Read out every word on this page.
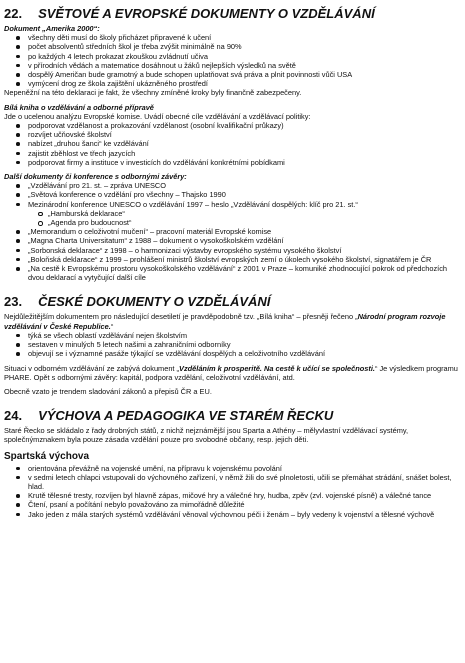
22. SVĚTOVÉ A EVROPSKÉ DOKUMENTY O VZDĚLÁVÁNÍ
Dokument „Amerika 2000“:
všechny děti musí do školy přicházet připravené k učení
počet absolventů středních škol je třeba zvýšit minimálně na 90%
po každých 4 letech prokazat zkouškou zvládnutí učiva
v přírodních vědách a matematice dosáhnout u žáků nejlepších výsledků na světě
dospělý Američan bude gramotný a bude schopen uplatňovat svá práva a plnit povinnosti vůči USA
vymýcení drog ze škola zajištění ukázněného prostředí

Nepeněžní na této deklaraci je fakt, že všechny zmíněné kroky byly finančně zabezpečeny.

Bílá kniha o vzdělávání a odborné přípravě

Jde o ucelenou analýzu Evropské komise. Uvádí obecné cíle vzdělávání a vzdělávací politiky:

podporovat vzdělanost a prokazování vzdělanost (osobní kvalifikační průkazy)
rozvíjet učňovské školství
nabízet „druhou šanci“ ke vzdělávání
zajistit zběhlost ve třech jazycích
podporovat firmy a instituce v investicích do vzdělávání konkrétními pobídkami
Další dokumenty či konference s odbornými závěry:
„Vzdělávání pro 21. st. – zpráva UNESCO
„Světová konference o vzdělání pro všechny – Thajsko 1990
Mezinárodní konference UNESCO o vzdělávání 1997 – heslo „Vzdělávání dospělých: klíč pro 21. st.“
„Hamburská deklarace“
„Agenda pro budoucnost“
„Memorandum o celoživotní mučení“ – pracovní materiál Evropské komise
„Magna Charta Universitatum“ z 1988 – dokument o vysokoškolském vzdělání
„Sorbonská deklarace“ z 1998 – o harmonizaci výstavby evropského systému vysokého školství
„Boloňská deklarace“ z 1999 – prohlášení ministrů školství evropských zemí o úkolech vysokého školství, signatářem je ČR
„Na cestě k Evropskému prostoru vysokoškolského vzdělávání“ z 2001 v Praze – komuniké zhodnocující pokrok od předchozích dvou deklarací a vytyčující další cíle
23. ČESKÉ DOKUMENTY O VZDĚLÁVÁNÍ

Nejdůležitějším dokumentem pro následující desetiletí je pravděpodobně tzv. „Bílá kniha“ – přesněji řečeno „Národní program rozvoje vzdělávání v České Republice.“

týká se všech oblastí vzdělávání nejen školstvím
sestaven v minulých 5 letech našimi a zahraničními odborníky
objevují se i významné pasáže týkající se vzdělávání dospělých a celoživotního vzdělávání

Situaci v odborném vzdělávání ze zabývá dokument „Vzděláním k prosperitě. Na cestě k učící se společnosti.“ Je výsledkem programu PHARE. Opět s odbornými závěry: kapitál, podpora vzdělání, celoživotní vzdělávání, atd.

Obecně vzato je trendem sladování zákonů a přepisů ČR a EU.

24. VÝCHOVA A PEDAGOGIKA VE STARÉM ŘECKU

Staré Řecko se skládalo z řady drobných států, z nichž nejznámější jsou Sparta a Athény – mělyvlastní vzdělávací systémy, společnýmznakem byla pouze zásada vzdělání pouze pro svobodné občany, resp. jejich děti.

Spartská výchova
orientována převážně na vojenské umění, na přípravu k vojenskému povolání
v sedmi letech chlapci vstupovali do výchovného zařízení, v němž žili do své plnoletosti, učili se přemáhat strádání, snášet bolest, hlad.
Krutě tělesné tresty, rozvíjen byl hlavně zápas, mičové hry a válečné hry, hudba, zpěv (zvl. vojenské písně) a válečné tance
Čtení, psaní a počítání nebylo považováno za mimořádně důležité
Jako jeden z mála starých systémů vzdělávání věnoval výchovnou péči i ženám – byly vedeny k vojenství a tělesné výchově
